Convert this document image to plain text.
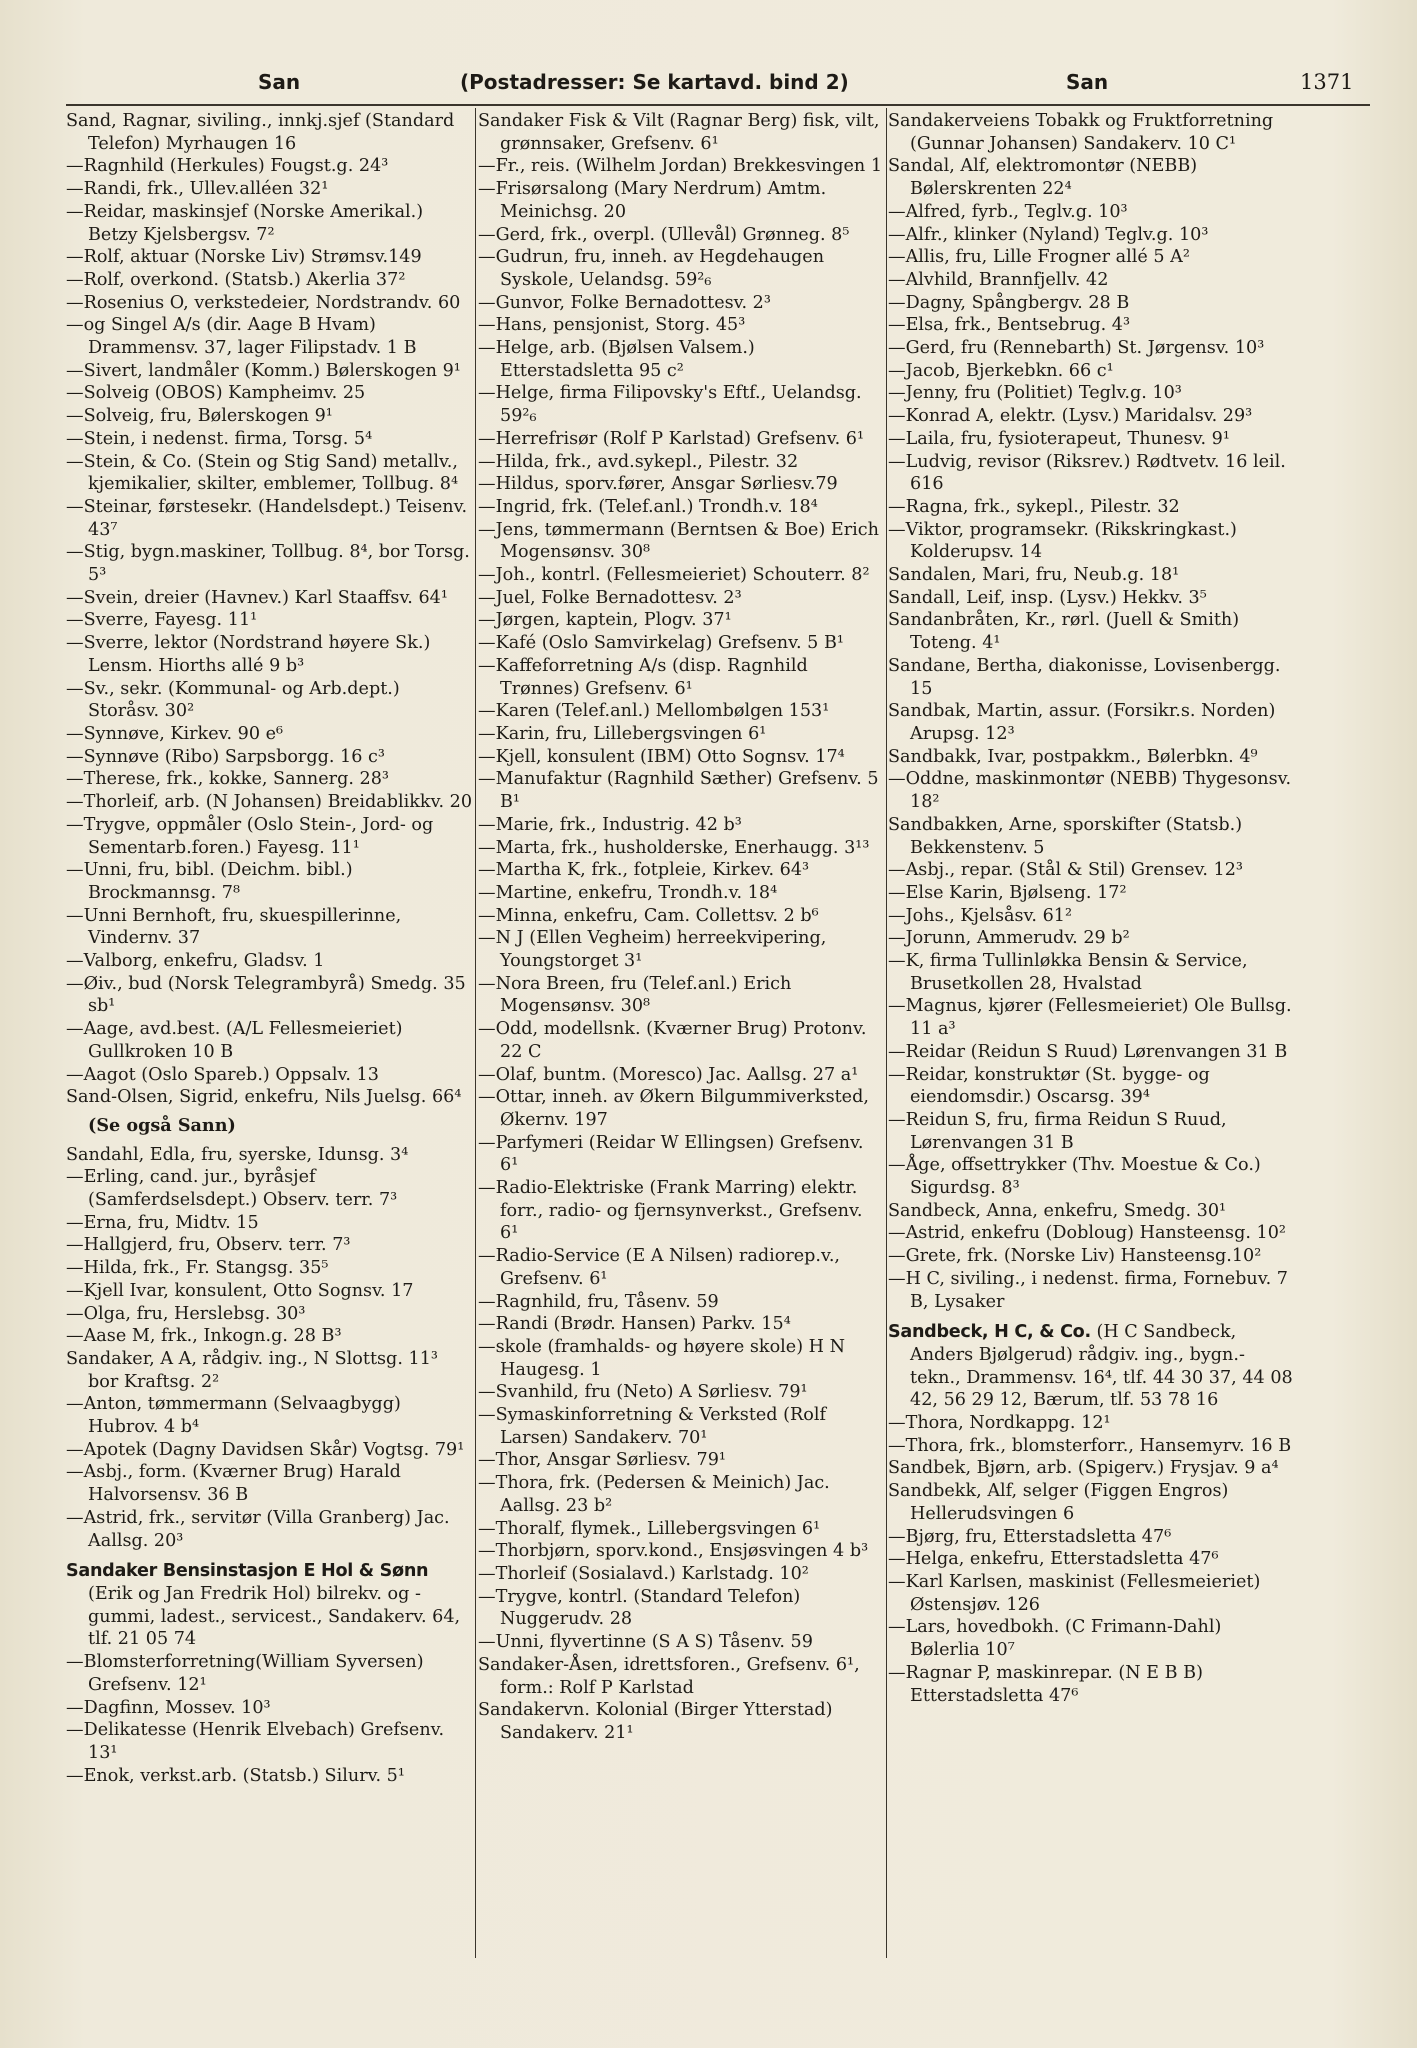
San	(Postadresser: Se kartavd. bind 2)	San	1371
Sand, Ragnar, siviling., innkj.sjef (Standard Telefon) Myrhaugen 16
—Ragnhild (Herkules) Fougst.g. 24³
—Randi, frk., Ullev.alléen 32¹
—Reidar, maskinsjef (Norske Amerikal.) Betzy Kjelsbergsv. 7²
—Rolf, aktuar (Norske Liv) Strømsv.149
—Rolf, overkond. (Statsb.) Akerlia 37²
—Rosenius O, verkstedeier, Nordstrandv. 60
—og Singel A/s (dir. Aage B Hvam) Drammensv. 37, lager Filipstadv. 1 B
—Sivert, landmåler (Komm.) Bølerskogen 9¹
—Solveig (OBOS) Kampheimv. 25
—Solveig, fru, Bølerskogen 9¹
—Stein, i nedenst. firma, Torsg. 5⁴
—Stein, & Co. (Stein og Stig Sand) metallv., kjemikalier, skilter, emblemer, Tollbug. 8⁴
—Steinar, førstesekr. (Handelsdept.) Teisenv. 43⁷
—Stig, bygn.maskiner, Tollbug. 8⁴, bor Torsg. 5³
—Svein, dreier (Havnev.) Karl Staaffsv. 64¹
—Sverre, Fayesg. 11¹
—Sverre, lektor (Nordstrand høyere Sk.) Lensm. Hiorths allé 9 b³
—Sv., sekr. (Kommunal- og Arb.dept.) Storåsv. 30²
—Synnøve, Kirkev. 90 e⁶
—Synnøve (Ribo) Sarpsborgg. 16 c³
—Therese, frk., kokke, Sannerg. 28³
—Thorleif, arb. (N Johansen) Breidablikkv. 20
—Trygve, oppmåler (Oslo Stein-, Jord- og Sementarb.foren.) Fayesg. 11¹
—Unni, fru, bibl. (Deichm. bibl.) Brockmannsg. 7⁸
—Unni Bernhoft, fru, skuespillerinne, Vindernv. 37
—Valborg, enkefru, Gladsv. 1
—Øiv., bud (Norsk Telegrambyrå) Smedg. 35 sb¹
—Aage, avd.best. (A/L Fellesmeieriet) Gullkroken 10 B
—Aagot (Oslo Spareb.) Oppsalv. 13
Sand-Olsen, Sigrid, enkefru, Nils Juelsg. 66⁴
(Se også Sann)
Sandahl, Edla, fru, syerske, Idunsg. 3⁴
—Erling, cand. jur., byråsjef (Samferdselsdept.) Observ. terr. 7³
—Erna, fru, Midtv. 15
—Hallgjerd, fru, Observ. terr. 7³
—Hilda, frk., Fr. Stangsg. 35⁵
—Kjell Ivar, konsulent, Otto Sognsv. 17
—Olga, fru, Herslebsg. 30³
—Aase M, frk., Inkogn.g. 28 B³
Sandaker, A A, rådgiv. ing., N Slottsg. 11³ bor Kraftsg. 2²
—Anton, tømmermann (Selvaagbygg) Hubrov. 4 b⁴
—Apotek (Dagny Davidsen Skår) Vogtsg. 79¹
—Asbj., form. (Kværner Brug) Harald Halvorsensv. 36 B
—Astrid, frk., servitør (Villa Granberg) Jac. Aallsg. 20³
Sandaker Bensinstasjon E Hol & Sønn (Erik og Jan Fredrik Hol) bilrekv. og -gummi, ladest., servicest., Sandakerv. 64, tlf. 21 05 74
—Blomsterforretning(William Syversen) Grefsenv. 12¹
—Dagfinn, Mossev. 10³
—Delikatesse (Henrik Elvebach) Grefsenv. 13¹
—Enok, verkst.arb. (Statsb.) Silurv. 5¹
Sandaker Fisk & Vilt (Ragnar Berg) fisk, vilt, grønnsaker, Grefsenv. 6¹
—Fr., reis. (Wilhelm Jordan) Brekkesvingen 1
—Frisørsalong (Mary Nerdrum) Amtm. Meinichsg. 20
—Gerd, frk., overpl. (Ullevål) Grønneg. 8⁵
—Gudrun, fru, inneh. av Hegdehaugen Syskole, Uelandsg. 59²₆
—Gunvor, Folke Bernadottesv. 2³
—Hans, pensjonist, Storg. 45³
—Helge, arb. (Bjølsen Valsem.) Etterstadsletta 95 c²
—Helge, firma Filipovsky's Eftf., Uelandsg. 59²₆
—Herrefrisør (Rolf P Karlstad) Grefsenv. 6¹
—Hilda, frk., avd.sykepl., Pilestr. 32
—Hildus, sporv.fører, Ansgar Sørliesv.79
—Ingrid, frk. (Telef.anl.) Trondh.v. 18⁴
—Jens, tømmermann (Berntsen & Boe) Erich Mogensønsv. 30⁸
—Joh., kontrl. (Fellesmeieriet) Schouterr. 8²
—Juel, Folke Bernadottesv. 2³
—Jørgen, kaptein, Plogv. 37¹
—Kafé (Oslo Samvirkelag) Grefsenv. 5 B¹
—Kaffeforretning A/s (disp. Ragnhild Trønnes) Grefsenv. 6¹
—Karen (Telef.anl.) Mellombølgen 153¹
—Karin, fru, Lillebergsvingen 6¹
—Kjell, konsulent (IBM) Otto Sognsv. 17⁴
—Manufaktur (Ragnhild Sæther) Grefsenv. 5 B¹
—Marie, frk., Industrig. 42 b³
—Marta, frk., husholderske, Enerhaugg. 3¹³
—Martha K, frk., fotpleie, Kirkev. 64³
—Martine, enkefru, Trondh.v. 18⁴
—Minna, enkefru, Cam. Collettsv. 2 b⁶
—N J (Ellen Vegheim) herreekvipering, Youngstorget 3¹
—Nora Breen, fru (Telef.anl.) Erich Mogensønsv. 30⁸
—Odd, modellsnk. (Kværner Brug) Protonv. 22 C
—Olaf, buntm. (Moresco) Jac. Aallsg. 27 a¹
—Ottar, inneh. av Økern Bilgummiverksted, Økernv. 197
—Parfymeri (Reidar W Ellingsen) Grefsenv. 6¹
—Radio-Elektriske (Frank Marring) elektr. forr., radio- og fjernsynverkst., Grefsenv. 6¹
—Radio-Service (E A Nilsen) radiorep.v., Grefsenv. 6¹
—Ragnhild, fru, Tåsenv. 59
—Randi (Brødr. Hansen) Parkv. 15⁴
—skole (framhalds- og høyere skole) H N Haugesg. 1
—Svanhild, fru (Neto) A Sørliesv. 79¹
—Symaskinforretning & Verksted (Rolf Larsen) Sandakerv. 70¹
—Thor, Ansgar Sørliesv. 79¹
—Thora, frk. (Pedersen & Meinich) Jac. Aallsg. 23 b²
—Thoralf, flymek., Lillebergsvingen 6¹
—Thorbjørn, sporv.kond., Ensjøsvingen 4 b³
—Thorleif (Sosialavd.) Karlstadg. 10²
—Trygve, kontrl. (Standard Telefon) Nuggerudv. 28
—Unni, flyvertinne (S A S) Tåsenv. 59
Sandaker-Åsen, idrettsforen., Grefsenv. 6¹, form.: Rolf P Karlstad
Sandakervn. Kolonial (Birger Ytterstad) Sandakerv. 21¹
Sandakerveiens Tobakk og Fruktforretning (Gunnar Johansen) Sandakerv. 10 C¹
Sandal, Alf, elektromontør (NEBB) Bølerskrenten 22⁴
—Alfred, fyrb., Teglv.g. 10³
—Alfr., klinker (Nyland) Teglv.g. 10³
—Allis, fru, Lille Frogner allé 5 A²
—Alvhild, Brannfjellv. 42
—Dagny, Spångbergv. 28 B
—Elsa, frk., Bentsebrug. 4³
—Gerd, fru (Rennebarth) St. Jørgensv. 10³
—Jacob, Bjerkebkn. 66 c¹
—Jenny, fru (Politiet) Teglv.g. 10³
—Konrad A, elektr. (Lysv.) Maridalsv. 29³
—Laila, fru, fysioterapeut, Thunesv. 9¹
—Ludvig, revisor (Riksrev.) Rødtvetv. 16 leil. 616
—Ragna, frk., sykepl., Pilestr. 32
—Viktor, programsekr. (Rikskringkast.) Kolderupsv. 14
Sandalen, Mari, fru, Neub.g. 18¹
Sandall, Leif, insp. (Lysv.) Hekkv. 3⁵
Sandanbråten, Kr., rørl. (Juell & Smith) Toteng. 4¹
Sandane, Bertha, diakonisse, Lovisenbergg. 15
Sandbak, Martin, assur. (Forsikr.s. Norden) Arupsg. 12³
Sandbakk, Ivar, postpakkm., Bølerbkn. 4⁹
—Oddne, maskinmontør (NEBB) Thygesonsv. 18²
Sandbakken, Arne, sporskifter (Statsb.) Bekkenstenv. 5
—Asbj., repar. (Stål & Stil) Grensev. 12³
—Else Karin, Bjølseng. 17²
—Johs., Kjelsåsv. 61²
—Jorunn, Ammerudv. 29 b²
—K, firma Tullinløkka Bensin & Service, Brusetkollen 28, Hvalstad
—Magnus, kjører (Fellesmeieriet) Ole Bullsg. 11 a³
—Reidar (Reidun S Ruud) Lørenvangen 31 B
—Reidar, konstruktør (St. bygge- og eiendomsdir.) Oscarsg. 39⁴
—Reidun S, fru, firma Reidun S Ruud, Lørenvangen 31 B
—Åge, offsettrykker (Thv. Moestue & Co.) Sigurdsg. 8³
Sandbeck, Anna, enkefru, Smedg. 30¹
—Astrid, enkefru (Dobloug) Hansteensg. 10²
—Grete, frk. (Norske Liv) Hansteensg.10²
—H C, siviling., i nedenst. firma, Fornebuv. 7 B, Lysaker
Sandbeck, H C, & Co. (H C Sandbeck, Anders Bjølgerud) rådgiv. ing., bygn.-tekn., Drammensv. 16⁴, tlf. 44 30 37, 44 08 42, 56 29 12, Bærum, tlf. 53 78 16
—Thora, Nordkappg. 12¹
—Thora, frk., blomsterforr., Hansemyrv. 16 B
Sandbek, Bjørn, arb. (Spigerv.) Frysjav. 9 a⁴
Sandbekk, Alf, selger (Figgen Engros) Hellerudsvingen 6
—Bjørg, fru, Etterstadsletta 47⁶
—Helga, enkefru, Etterstadsletta 47⁶
—Karl Karlsen, maskinist (Fellesmeieriet) Østensjøv. 126
—Lars, hovedbokh. (C Frimann-Dahl) Bølerlia 10⁷
—Ragnar P, maskinrepar. (N E B B) Etterstadsletta 47⁶
